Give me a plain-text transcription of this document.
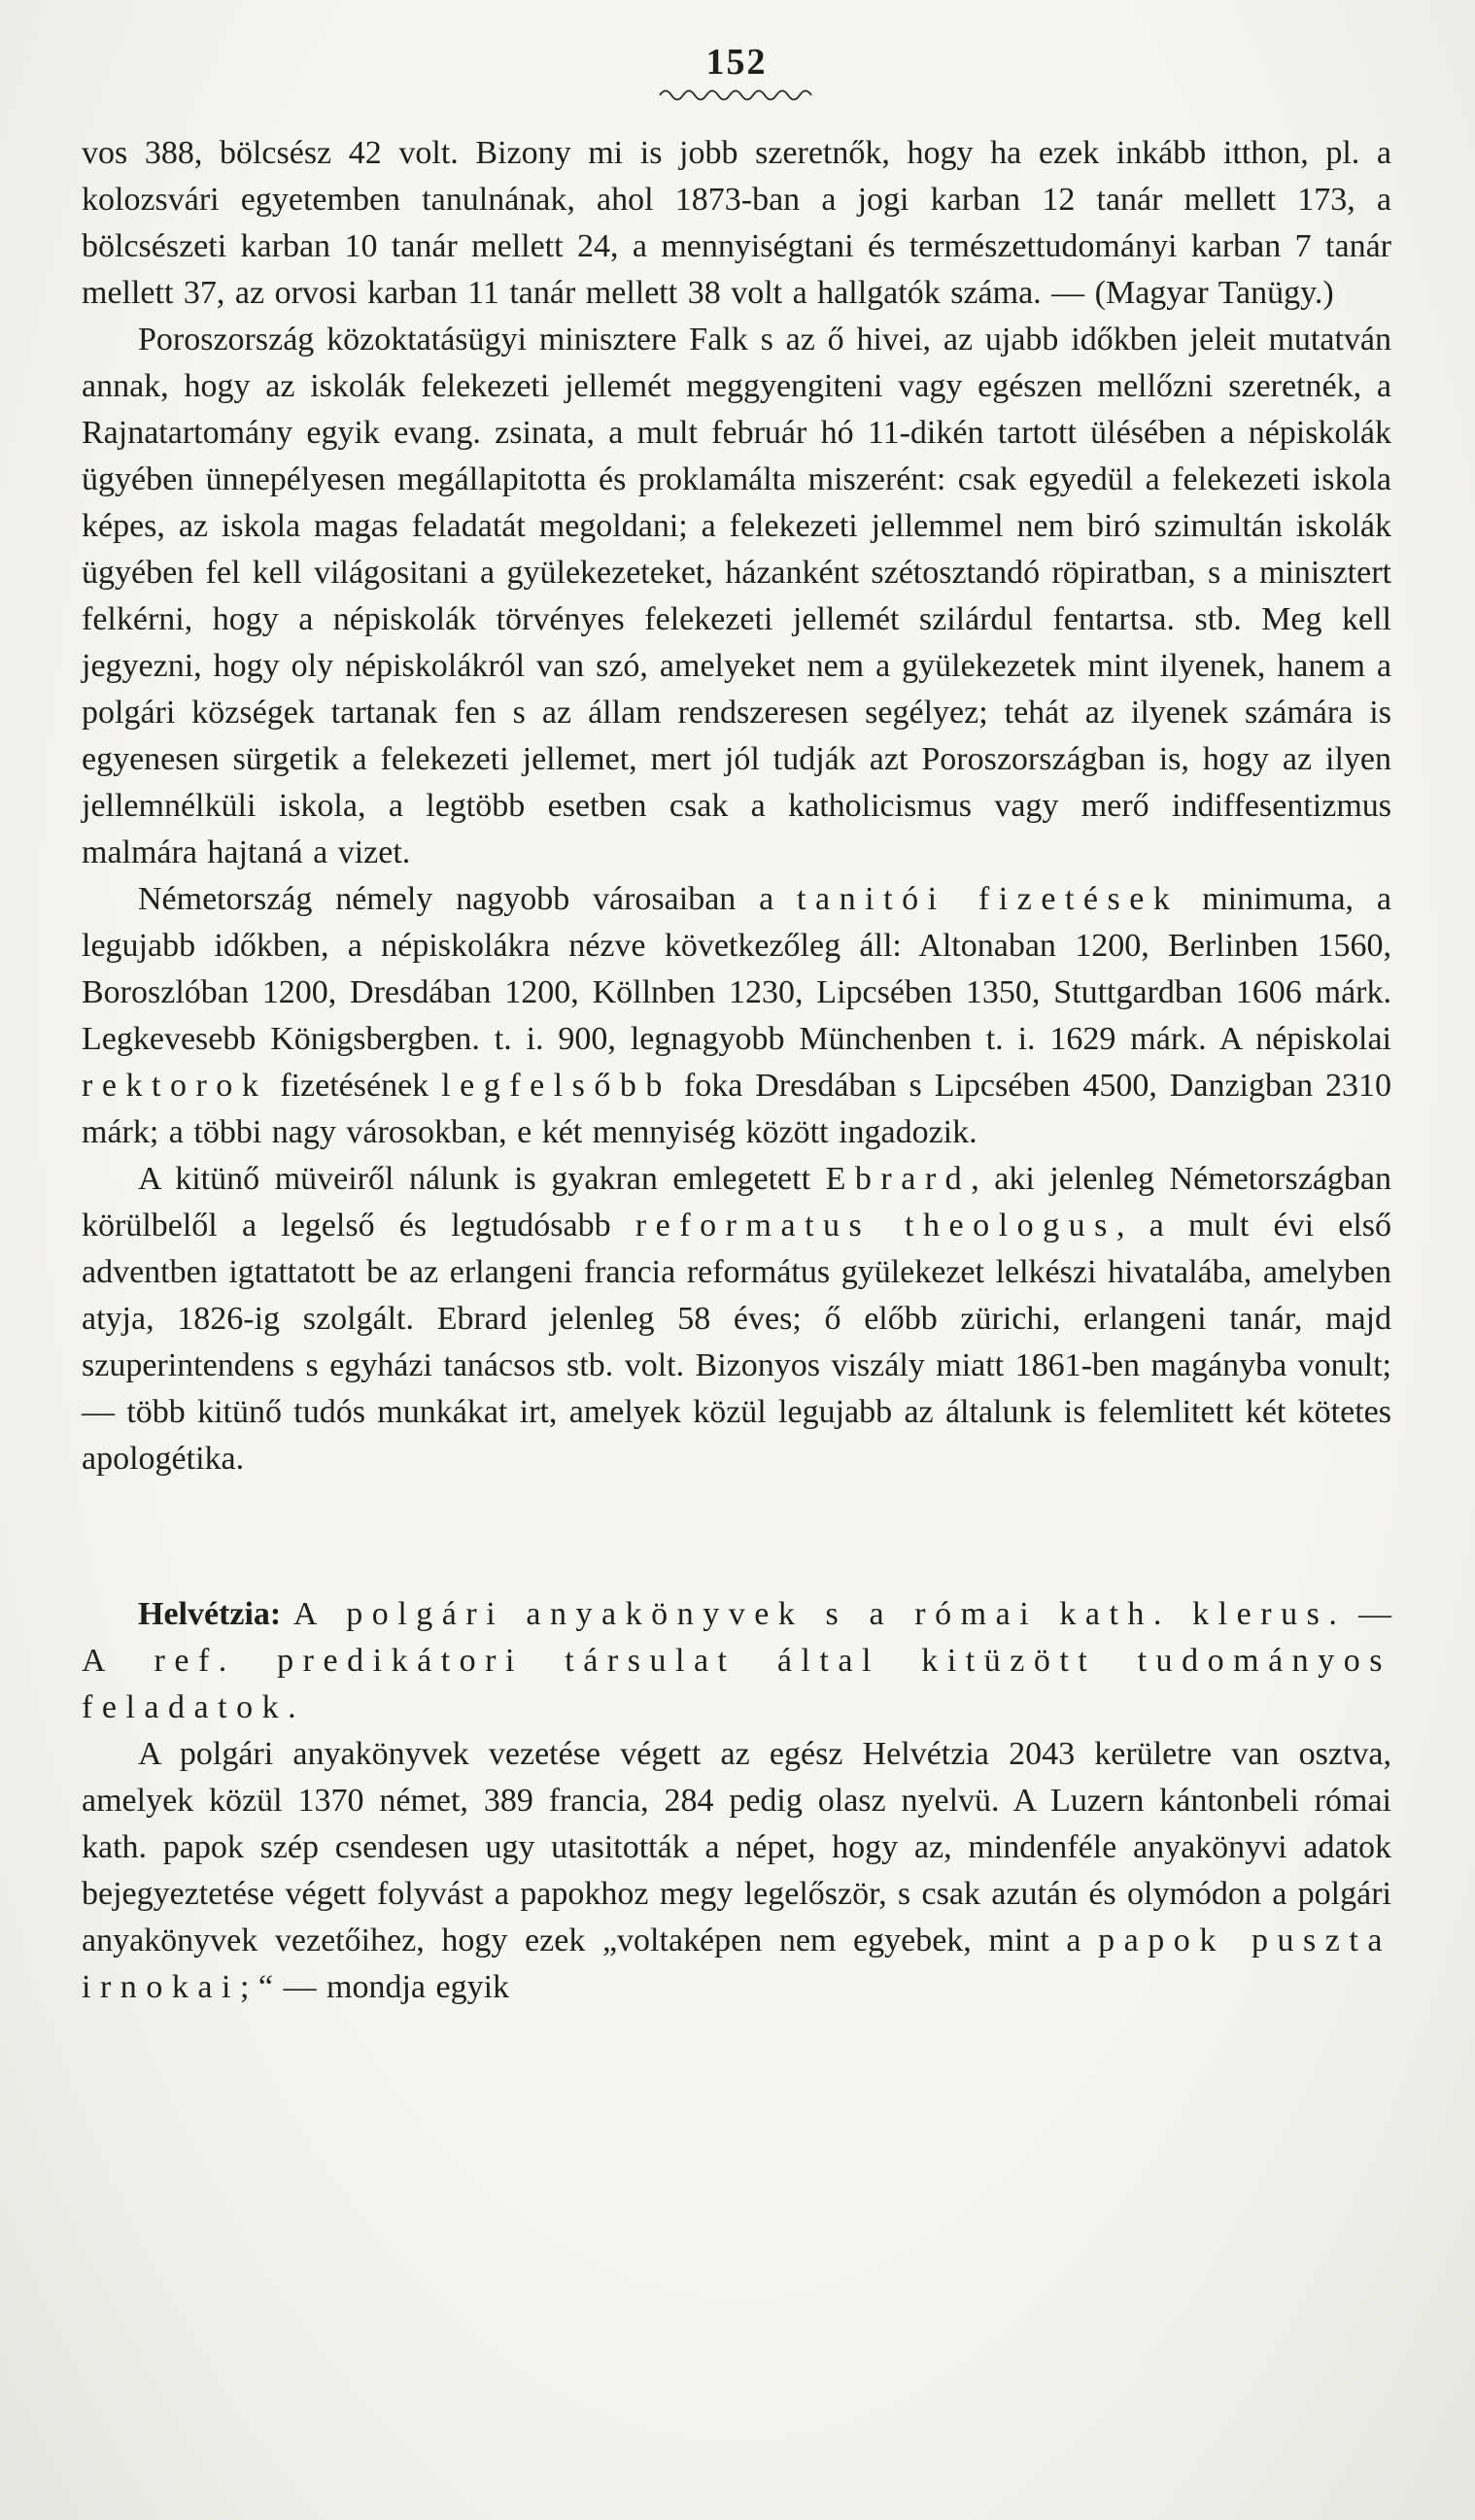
152

vos 388, bölcsész 42 volt. Bizony mi is jobb szeretnők, hogy ha ezek inkább itthon, pl. a kolozsvári egyetemben tanulnának, ahol 1873-ban a jogi karban 12 tanár mellett 173, a bölcsészeti karban 10 tanár mellett 24, a mennyiségtani és természettudományi karban 7 tanár mellett 37, az orvosi karban 11 tanár mellett 38 volt a hallgatók száma. — (Magyar Tanügy.)

Poroszország közoktatásügyi minisztere Falk s az ő hivei, az ujabb időkben jeleit mutatván annak, hogy az iskolák felekezeti jellemét meggyengiteni vagy egészen mellőzni szeretnék, a Rajnatartomány egyik evang. zsinata, a mult február hó 11-dikén tartott ülésében a népiskolák ügyében ünnepélyesen megállapitotta és proklamálta miszerént: csak egyedül a felekezeti iskola képes, az iskola magas feladatát megoldani; a felekezeti jellemmel nem biró szimultán iskolák ügyében fel kell világositani a gyülekezeteket, házanként szétosztandó röpiratban, s a minisztert felkérni, hogy a népiskolák törvényes felekezeti jellemét szilárdul fentartsa. stb. Meg kell jegyezni, hogy oly népiskolákról van szó, amelyeket nem a gyülekezetek mint ilyenek, hanem a polgári községek tartanak fen s az állam rendszeresen segélyez; tehát az ilyenek számára is egyenesen sürgetik a felekezeti jellemet, mert jól tudják azt Poroszországban is, hogy az ilyen jellemnélküli iskola, a legtöbb esetben csak a katholicismus vagy merő indiffesentizmus malmára hajtaná a vizet.

Németország némely nagyobb városaiban a tanitói fizetések minimuma, a legujabb időkben, a népiskolákra nézve következőleg áll: Altonaban 1200, Berlinben 1560, Boroszlóban 1200, Dresdában 1200, Köllnben 1230, Lipcsében 1350, Stuttgardban 1606 márk. Legkevesebb Königsbergben. t. i. 900, legnagyobb Münchenben t. i. 1629 márk. A népiskolai rektorok fizetésének legfelsőbb foka Dresdában s Lipcsében 4500, Danzigban 2310 márk; a többi nagy városokban, e két mennyiség között ingadozik.

A kitünő müveiről nálunk is gyakran emlegetett Ebrard, aki jelenleg Németországban körülbelől a legelső és legtudósabb reformatus theologus, a mult évi első adventben igtattatott be az erlangeni francia református gyülekezet lelkészi hivatalába, amelyben atyja, 1826-ig szolgált. Ebrard jelenleg 58 éves; ő előbb zürichi, erlangeni tanár, majd szuperintendens s egyházi tanácsos stb. volt. Bizonyos viszály miatt 1861-ben magányba vonult; — több kitünő tudós munkákat irt, amelyek közül legujabb az általunk is felemlitett két kötetes apologétika.

Helvétzia: A polgári anyakönyvek s a római kath. klerus. — A ref. predikátori társulat által kitüzött tudományos feladatok.

A polgári anyakönyvek vezetése végett az egész Helvétzia 2043 kerületre van osztva, amelyek közül 1370 német, 389 francia, 284 pedig olasz nyelvü. A Luzern kántonbeli római kath. papok szép csendesen ugy utasitották a népet, hogy az, mindenféle anyakönyvi adatok bejegyeztetése végett folyvást a papokhoz megy legelőször, s csak azután és olymódon a polgári anyakönyvek vezetőihez, hogy ezek „voltaképen nem egyebek, mint a papok puszta irnokai;“ — mondja egyik
